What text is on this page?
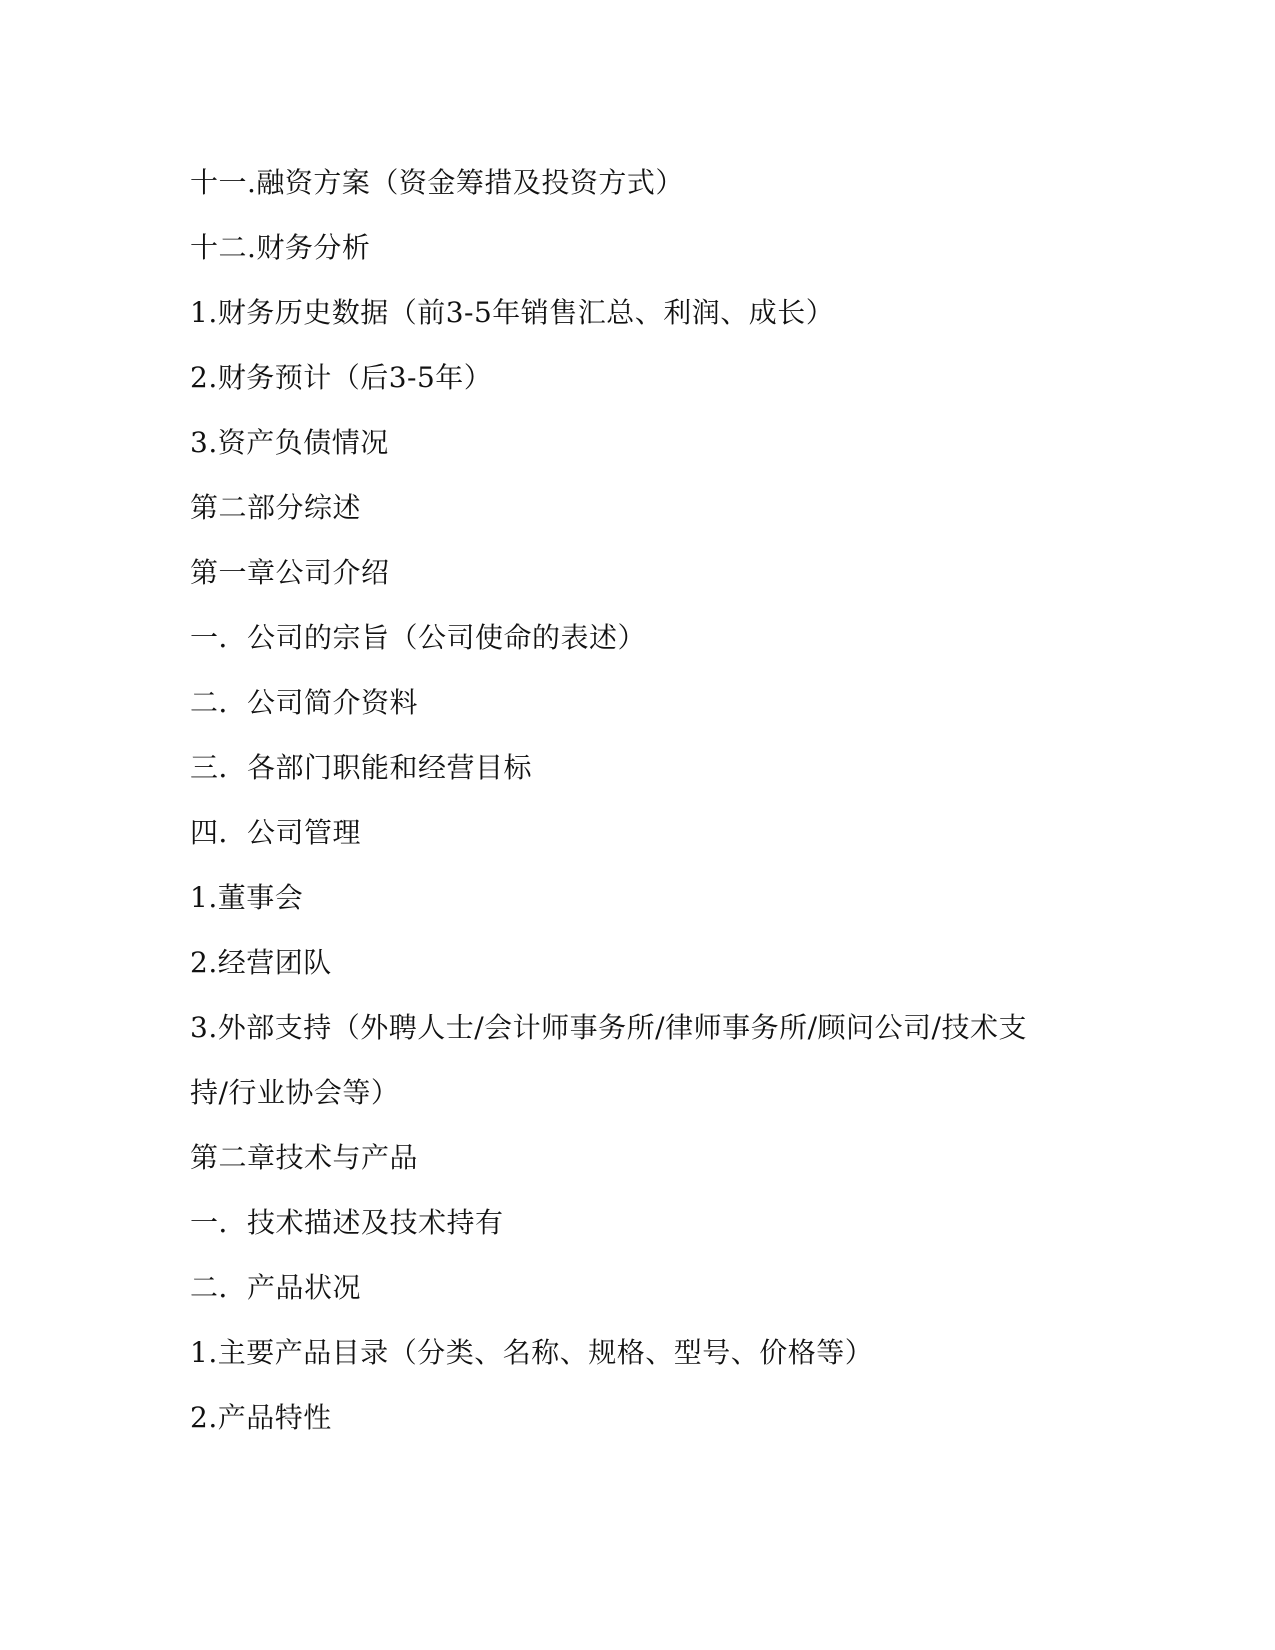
十一.融资方案（资金筹措及投资方式）
十二.财务分析
1.财务历史数据（前3-5年销售汇总、利润、成长）
2.财务预计（后3-5年）
3.资产负债情况
第二部分综述
第一章公司介绍
一．公司的宗旨（公司使命的表述）
二．公司简介资料
三．各部门职能和经营目标
四．公司管理
1.董事会
2.经营团队
3.外部支持（外聘人士/会计师事务所/律师事务所/顾问公司/技术支
持/行业协会等）
第二章技术与产品
一．技术描述及技术持有
二．产品状况
1.主要产品目录（分类、名称、规格、型号、价格等）
2.产品特性
